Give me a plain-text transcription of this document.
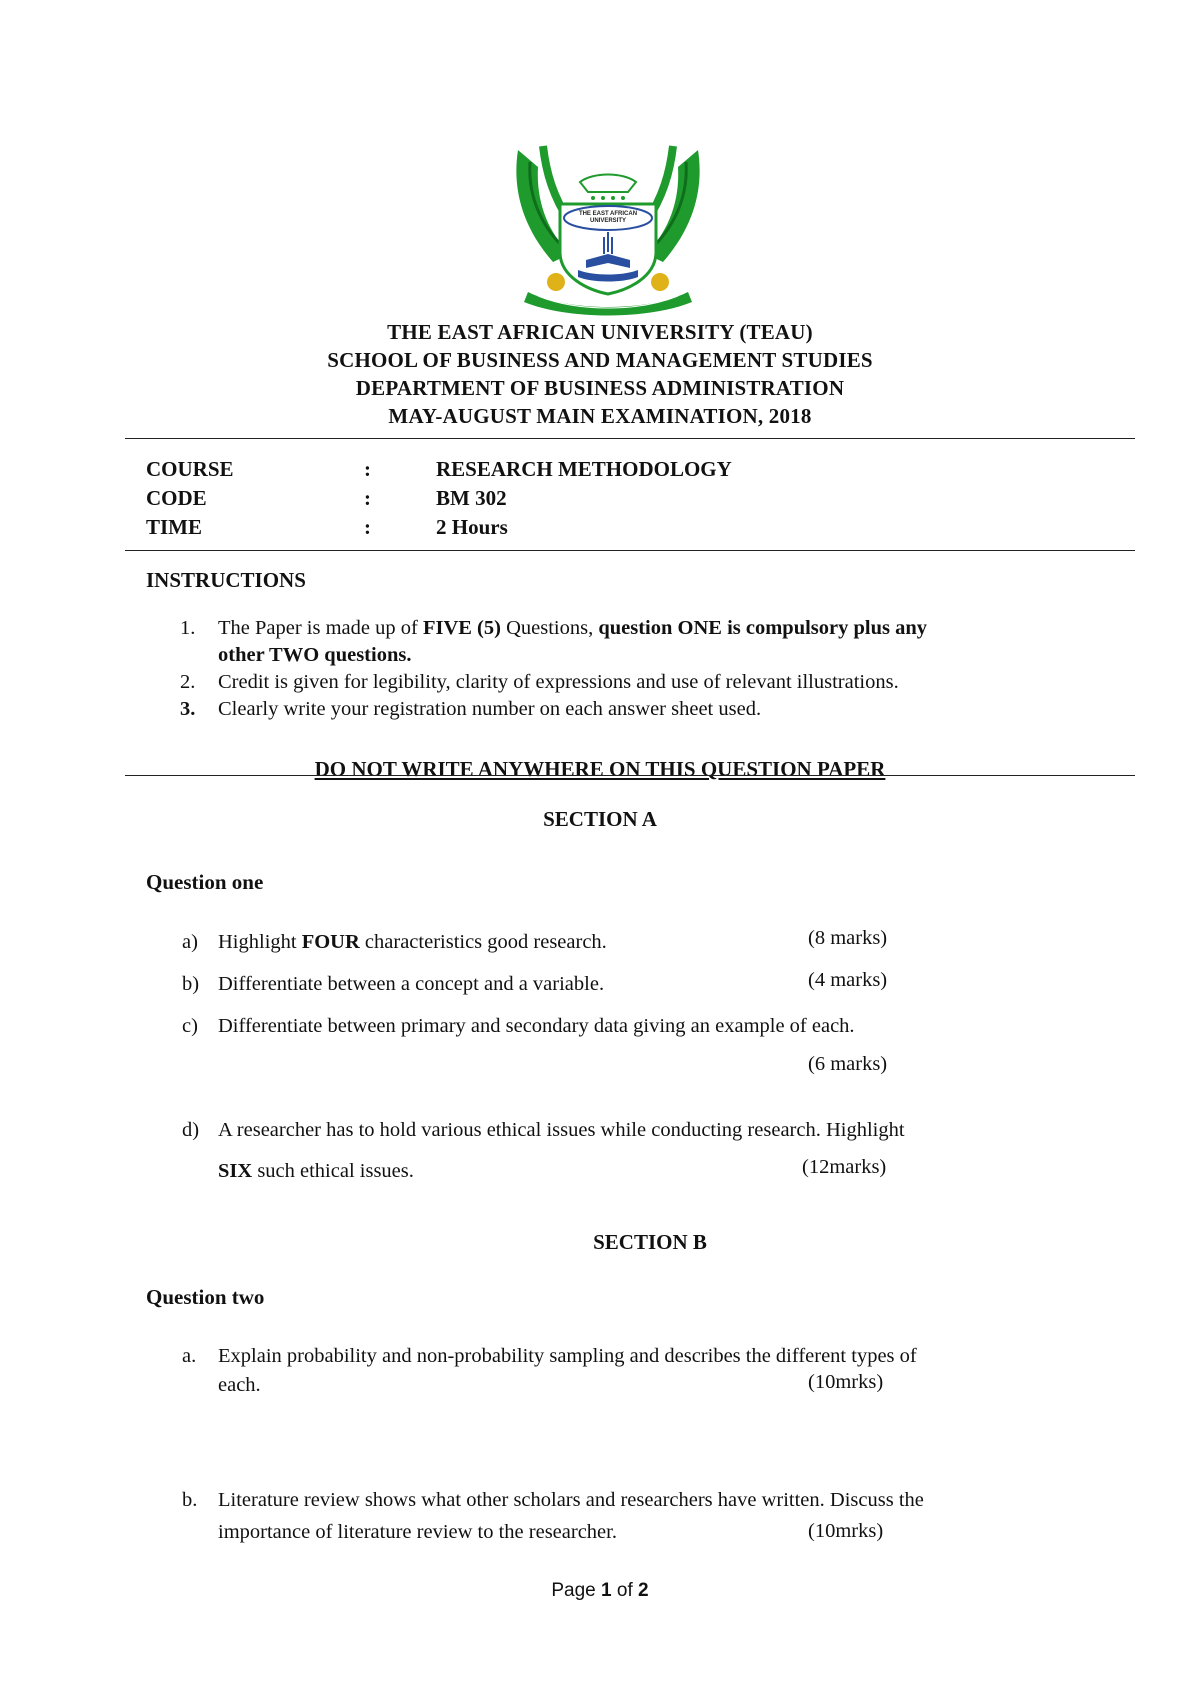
THE EAST AFRICAN
UNIVERSITY
THE EAST AFRICAN UNIVERSITY (TEAU)
SCHOOL OF BUSINESS AND MANAGEMENT STUDIES
DEPARTMENT OF BUSINESS ADMINISTRATION
MAY-AUGUST MAIN EXAMINATION, 2018
COURSE	:	RESEARCH METHODOLOGY
CODE	:	BM 302
TIME	:	2 Hours
INSTRUCTIONS
1. The Paper is made up of FIVE (5) Questions, question ONE is compulsory plus any
other TWO questions.
2. Credit is given for legibility, clarity of expressions and use of relevant illustrations.
3. Clearly write your registration number on each answer sheet used.
DO NOT WRITE ANYWHERE ON THIS QUESTION PAPER
SECTION A
Question one
a) Highlight FOUR characteristics good research.	(8 marks)
b) Differentiate between a concept and a variable.	(4 marks)
c) Differentiate between primary and secondary data giving an example of each.
(6 marks)
d) A researcher has to hold various ethical issues while conducting research. Highlight
SIX such ethical issues.	(12marks)
SECTION B
Question two
a. Explain probability and non-probability sampling and describes the different types of
each.	(10mrks)
b. Literature review shows what other scholars and researchers have written. Discuss the
importance of literature review to the researcher.	(10mrks)
Page 1 of 2
